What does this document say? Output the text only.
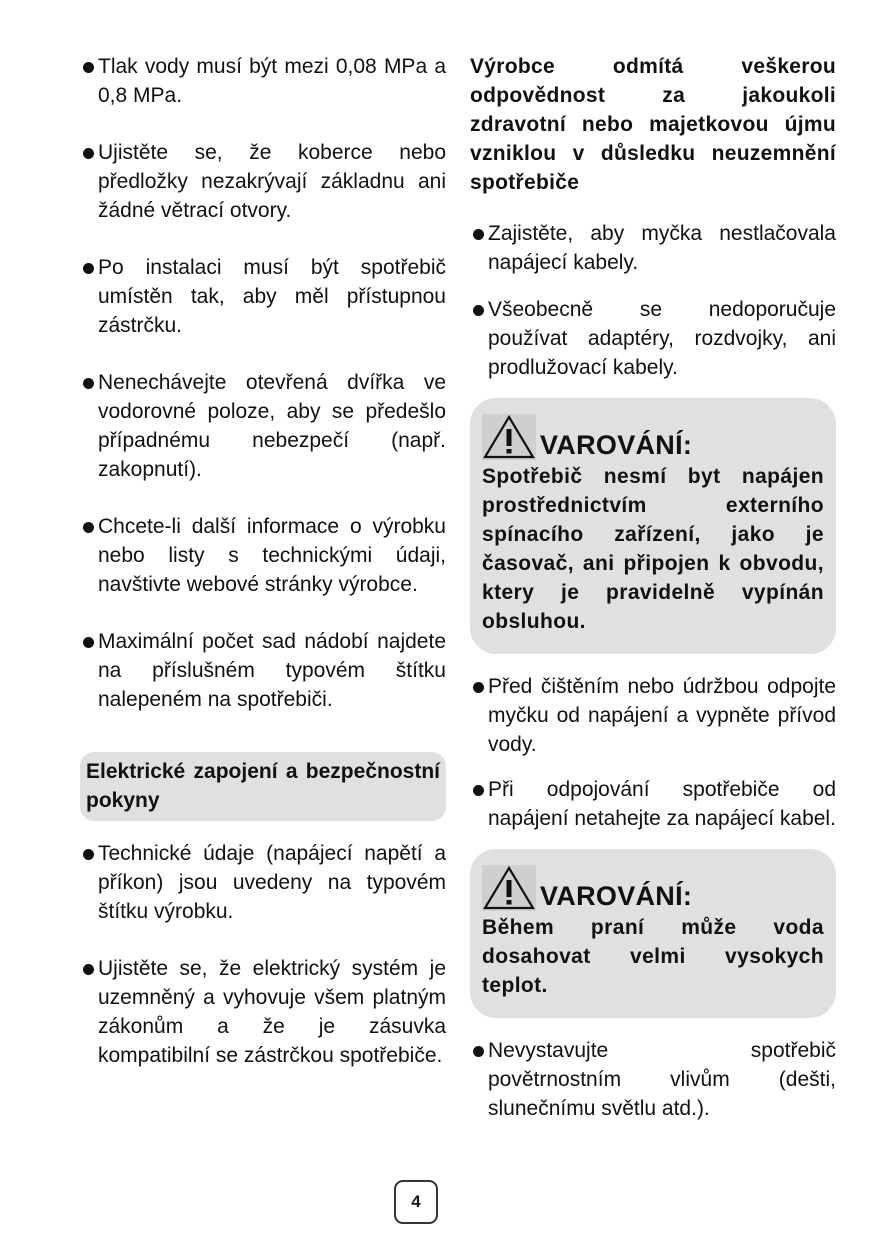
Tlak vody musí být mezi 0,08 MPa a 0,8 MPa.
Ujistěte se, že koberce nebo předložky nezakrývají základnu ani žádné větrací otvory.
Po instalaci musí být spotřebič umístěn tak, aby měl přístupnou zástrčku.
Nenechávejte otevřená dvířka ve vodorovné poloze, aby se předešlo případnému nebezpečí (např. zakopnutí).
Chcete-li další informace o výrobku nebo listy s technickými údaji, navštivte webové stránky výrobce.
Maximální počet sad nádobí najdete na příslušném typovém štítku nalepeném na spotřebiči.
Elektrické zapojení a bezpečnostní pokyny
Technické údaje (napájecí napětí a příkon) jsou uvedeny na typovém štítku výrobku.
Ujistěte se, že elektrický systém je uzemněný a vyhovuje všem platným zákonům a že je zásuvka kompatibilní se zástrčkou spotřebiče.
Výrobce odmítá veškerou odpovědnost za jakoukoli zdravotní nebo majetkovou újmu vzniklou v důsledku neuzemnění spotřebiče
Zajistěte, aby myčka nestlačovala napájecí kabely.
Všeobecně se nedoporučuje používat adaptéry, rozdvojky, ani prodlužovací kabely.
VAROVÁNÍ:
Spotřebič nesmí byt napájen prostřednictvím externího spínacího zařízení, jako je časovač, ani připojen k obvodu, ktery je pravidelně vypínán obsluhou.
Před čištěním nebo údržbou odpojte myčku od napájení a vypněte přívod vody.
Při odpojování spotřebiče od napájení netahejte za napájecí kabel.
VAROVÁNÍ:
Během praní může voda dosahovat velmi vysokych teplot.
Nevystavujte spotřebič povětrnostním vlivům (dešti, slunečnímu světlu atd.).
4
